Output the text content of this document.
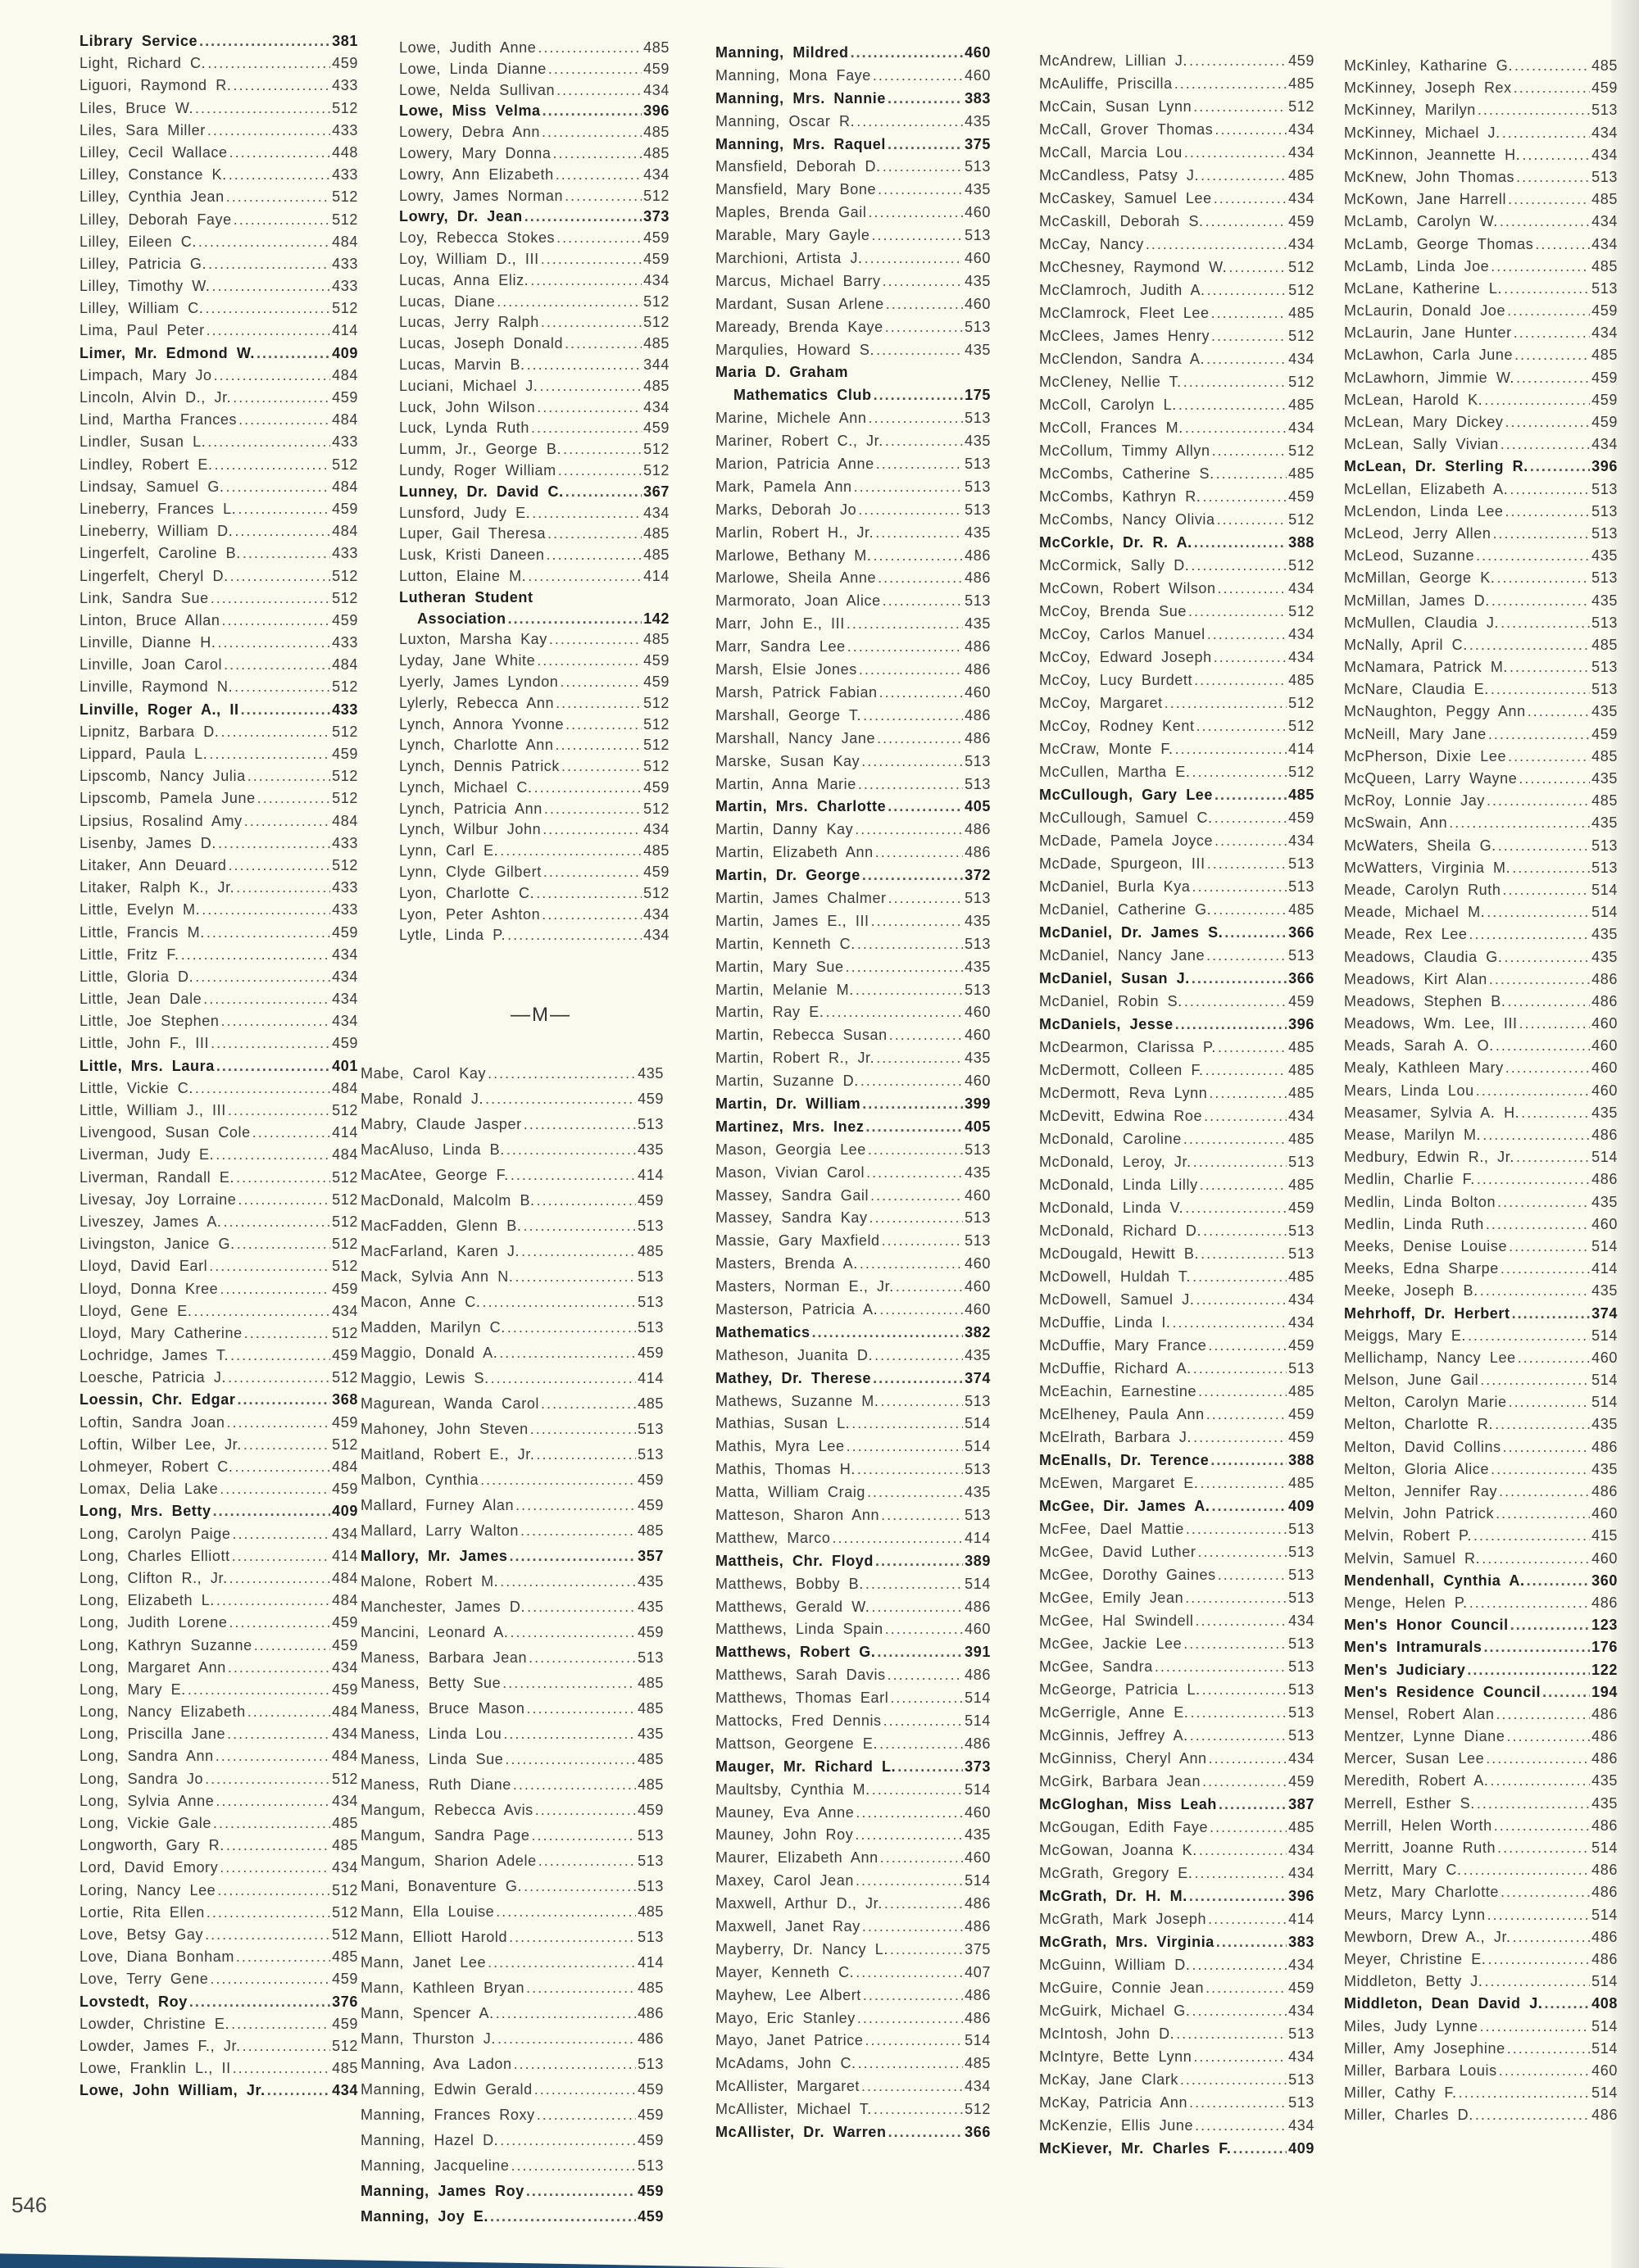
Library Service .....	381
Light, Richard C. .....	459
Liguori, Raymond R. .....	433
Liles, Bruce W. .....	512
Liles, Sara Miller .....	433
Lilley, Cecil Wallace .....	448
Lilley, Constance K. .....	433
Lilley, Cynthia Jean .....	512
Lilley, Deborah Faye .....	512
Lilley, Eileen C. .....	484
Lilley, Patricia G. .....	433
Lilley, Timothy W. .....	433
Lilley, William C. .....	512
Lima, Paul Peter .....	414
Limer, Mr. Edmond W. .....	409
Limpach, Mary Jo .....	484
Lincoln, Alvin D., Jr. .....	459
Lind, Martha Frances .....	484
Lindler, Susan L. .....	433
Lindley, Robert E. .....	512
Lindsay, Samuel G. .....	484
Lineberry, Frances L. .....	459
Lineberry, William D. .....	484
Lingerfelt, Caroline B. .....	433
Lingerfelt, Cheryl D. .....	512
Link, Sandra Sue .....	512
Linton, Bruce Allan .....	459
Linville, Dianne H. .....	433
Linville, Joan Carol .....	484
Linville, Raymond N. .....	512
Linville, Roger A., II .....	433
Lipnitz, Barbara D. .....	512
Lippard, Paula L. .....	459
Lipscomb, Nancy Julia .....	512
Lipscomb, Pamela June .....	512
Lipsius, Rosalind Amy .....	484
Lisenby, James D. .....	433
Litaker, Ann Deuard .....	512
Litaker, Ralph K., Jr. .....	433
Little, Evelyn M. .....	433
Little, Francis M. .....	459
Little, Fritz F. .....	434
Little, Gloria D. .....	434
Little, Jean Dale .....	434
Little, Joe Stephen .....	434
Little, John F., III .....	459
Little, Mrs. Laura .....	401
Little, Vickie C. .....	484
Little, William J., III .....	512
Livengood, Susan Cole .....	414
Liverman, Judy E. .....	484
Liverman, Randall E. .....	512
Livesay, Joy Lorraine .....	512
Liveszey, James A. .....	512
Livingston, Janice G. .....	512
Lloyd, David Earl .....	512
Lloyd, Donna Kree .....	459
Lloyd, Gene E. .....	434
Lloyd, Mary Catherine .....	512
Lochridge, James T. .....	459
Loesche, Patricia J. .....	512
Loessin, Chr. Edgar .....	368
Loftin, Sandra Joan .....	459
Loftin, Wilber Lee, Jr. .....	512
Lohmeyer, Robert C. .....	484
Lomax, Delia Lake .....	459
Long, Mrs. Betty .....	409
Long, Carolyn Paige .....	434
Long, Charles Elliott .....	414
Long, Clifton R., Jr. .....	484
Long, Elizabeth L. .....	484
Long, Judith Lorene .....	459
Long, Kathryn Suzanne .....	459
Long, Margaret Ann .....	434
Long, Mary E. .....	459
Long, Nancy Elizabeth .....	484
Long, Priscilla Jane .....	434
Long, Sandra Ann .....	484
Long, Sandra Jo .....	512
Long, Sylvia Anne .....	434
Long, Vickie Gale .....	485
Longworth, Gary R. .....	485
Lord, David Emory .....	434
Loring, Nancy Lee .....	512
Lortie, Rita Ellen .....	512
Love, Betsy Gay .....	512
Love, Diana Bonham .....	485
Love, Terry Gene .....	459
Lovstedt, Roy .....	376
Lowder, Christine E. .....	459
Lowder, James F., Jr. .....	512
Lowe, Franklin L., II .....	485
Lowe, John William, Jr. .....	434
Lowe, Judith Anne .....	485
Lowe, Linda Dianne .....	459
Lowe, Nelda Sullivan .....	434
Lowe, Miss Velma .....	396
Lowery, Debra Ann .....	485
Lowery, Mary Donna .....	485
Lowry, Ann Elizabeth .....	434
Lowry, James Norman .....	512
Lowry, Dr. Jean .....	373
Loy, Rebecca Stokes .....	459
Loy, William D., III .....	459
Lucas, Anna Eliz. .....	434
Lucas, Diane .....	512
Lucas, Jerry Ralph .....	512
Lucas, Joseph Donald .....	485
Lucas, Marvin B. .....	344
Luciani, Michael J. .....	485
Luck, John Wilson .....	434
Luck, Lynda Ruth .....	459
Lumm, Jr., George B. .....	512
Lundy, Roger William .....	512
Lunney, Dr. David C. .....	367
Lunsford, Judy E. .....	434
Luper, Gail Theresa .....	485
Lusk, Kristi Daneen .....	485
Lutton, Elaine M. .....	414
Lutheran Student
Association .....	142
Luxton, Marsha Kay .....	485
Lyday, Jane White .....	459
Lyerly, James Lyndon .....	459
Lylerly, Rebecca Ann .....	512
Lynch, Annora Yvonne .....	512
Lynch, Charlotte Ann .....	512
Lynch, Dennis Patrick .....	512
Lynch, Michael C. .....	459
Lynch, Patricia Ann .....	512
Lynch, Wilbur John .....	434
Lynn, Carl E. .....	485
Lynn, Clyde Gilbert .....	459
Lyon, Charlotte C. .....	512
Lyon, Peter Ashton .....	434
Lytle, Linda P. .....	434
—M—
Mabe, Carol Kay .....	435
Mabe, Ronald J. .....	459
Mabry, Claude Jasper .....	513
MacAluso, Linda B. .....	435
MacAtee, George F. .....	414
MacDonald, Malcolm B. .....	459
MacFadden, Glenn B. .....	513
MacFarland, Karen J. .....	485
Mack, Sylvia Ann N. .....	513
Macon, Anne C. .....	513
Madden, Marilyn C. .....	513
Maggio, Donald A. .....	459
Maggio, Lewis S. .....	414
Magurean, Wanda Carol .....	485
Mahoney, John Steven .....	513
Maitland, Robert E., Jr. .....	513
Malbon, Cynthia .....	459
Mallard, Furney Alan .....	459
Mallard, Larry Walton .....	485
Mallory, Mr. James .....	357
Malone, Robert M. .....	435
Manchester, James D. .....	435
Mancini, Leonard A. .....	459
Maness, Barbara Jean .....	513
Maness, Betty Sue .....	485
Maness, Bruce Mason .....	485
Maness, Linda Lou .....	435
Maness, Linda Sue .....	485
Maness, Ruth Diane .....	485
Mangum, Rebecca Avis .....	459
Mangum, Sandra Page .....	513
Mangum, Sharion Adele .....	513
Mani, Bonaventure G. .....	513
Mann, Ella Louise .....	485
Mann, Elliott Harold .....	513
Mann, Janet Lee .....	414
Mann, Kathleen Bryan .....	485
Mann, Spencer A. .....	486
Mann, Thurston J. .....	486
Manning, Ava Ladon .....	513
Manning, Edwin Gerald .....	459
Manning, Frances Roxy .....	459
Manning, Hazel D. .....	459
Manning, Jacqueline .....	513
Manning, James Roy .....	459
Manning, Joy E. .....	459
Manning, Mildred .....	460
Manning, Mona Faye .....	460
Manning, Mrs. Nannie .....	383
Manning, Oscar R. .....	435
Manning, Mrs. Raquel .....	375
Mansfield, Deborah D. .....	513
Mansfield, Mary Bone .....	435
Maples, Brenda Gail .....	460
Marable, Mary Gayle .....	513
Marchioni, Artista J. .....	460
Marcus, Michael Barry .....	435
Mardant, Susan Arlene .....	460
Maready, Brenda Kaye .....	513
Marqulies, Howard S. .....	435
Maria D. Graham
Mathematics Club .....	175
Marine, Michele Ann .....	513
Mariner, Robert C., Jr. .....	435
Marion, Patricia Anne .....	513
Mark, Pamela Ann .....	513
Marks, Deborah Jo .....	513
Marlin, Robert H., Jr. .....	435
Marlowe, Bethany M. .....	486
Marlowe, Sheila Anne .....	486
Marmorato, Joan Alice .....	513
Marr, John E., III .....	435
Marr, Sandra Lee .....	486
Marsh, Elsie Jones .....	486
Marsh, Patrick Fabian .....	460
Marshall, George T. .....	486
Marshall, Nancy Jane .....	486
Marske, Susan Kay .....	513
Martin, Anna Marie .....	513
Martin, Mrs. Charlotte .....	405
Martin, Danny Kay .....	486
Martin, Elizabeth Ann .....	486
Martin, Dr. George .....	372
Martin, James Chalmer .....	513
Martin, James E., III .....	435
Martin, Kenneth C. .....	513
Martin, Mary Sue .....	435
Martin, Melanie M. .....	513
Martin, Ray E. .....	460
Martin, Rebecca Susan .....	460
Martin, Robert R., Jr. .....	435
Martin, Suzanne D. .....	460
Martin, Dr. William .....	399
Martinez, Mrs. Inez .....	405
Mason, Georgia Lee .....	513
Mason, Vivian Carol .....	435
Massey, Sandra Gail .....	460
Massey, Sandra Kay .....	513
Massie, Gary Maxfield .....	513
Masters, Brenda A. .....	460
Masters, Norman E., Jr. .....	460
Masterson, Patricia A. .....	460
Mathematics .....	382
Matheson, Juanita D. .....	435
Mathey, Dr. Therese .....	374
Mathews, Suzanne M. .....	513
Mathias, Susan L. .....	514
Mathis, Myra Lee .....	514
Mathis, Thomas H. .....	513
Matta, William Craig .....	435
Matteson, Sharon Ann .....	513
Matthew, Marco .....	414
Mattheis, Chr. Floyd .....	389
Matthews, Bobby B. .....	514
Matthews, Gerald W. .....	486
Matthews, Linda Spain .....	460
Matthews, Robert G. .....	391
Matthews, Sarah Davis .....	486
Matthews, Thomas Earl .....	514
Mattocks, Fred Dennis .....	514
Mattson, Georgene E. .....	486
Mauger, Mr. Richard L. .....	373
Maultsby, Cynthia M. .....	514
Mauney, Eva Anne .....	460
Mauney, John Roy .....	435
Maurer, Elizabeth Ann .....	460
Maxey, Carol Jean .....	514
Maxwell, Arthur D., Jr. .....	486
Maxwell, Janet Ray .....	486
Mayberry, Dr. Nancy L. .....	375
Mayer, Kenneth C. .....	407
Mayhew, Lee Albert .....	486
Mayo, Eric Stanley .....	486
Mayo, Janet Patrice .....	514
McAdams, John C. .....	485
McAllister, Margaret .....	434
McAllister, Michael T. .....	512
McAllister, Dr. Warren .....	366
McAndrew, Lillian J. .....	459
McAuliffe, Priscilla .....	485
McCain, Susan Lynn .....	512
McCall, Grover Thomas .....	434
McCall, Marcia Lou .....	434
McCandless, Patsy J. .....	485
McCaskey, Samuel Lee .....	434
McCaskill, Deborah S. .....	459
McCay, Nancy .....	434
McChesney, Raymond W. .....	512
McClamroch, Judith A. .....	512
McClamrock, Fleet Lee .....	485
McClees, James Henry .....	512
McClendon, Sandra A. .....	434
McCleney, Nellie T. .....	512
McColl, Carolyn L. .....	485
McColl, Frances M. .....	434
McCollum, Timmy Allyn .....	512
McCombs, Catherine S. .....	485
McCombs, Kathryn R. .....	459
McCombs, Nancy Olivia .....	512
McCorkle, Dr. R. A. .....	388
McCormick, Sally D. .....	512
McCown, Robert Wilson .....	434
McCoy, Brenda Sue .....	512
McCoy, Carlos Manuel .....	434
McCoy, Edward Joseph .....	434
McCoy, Lucy Burdett .....	485
McCoy, Margaret .....	512
McCoy, Rodney Kent .....	512
McCraw, Monte F. .....	414
McCullen, Martha E. .....	512
McCullough, Gary Lee .....	485
McCullough, Samuel C. .....	459
McDade, Pamela Joyce .....	434
McDade, Spurgeon, III .....	513
McDaniel, Burla Kya .....	513
McDaniel, Catherine G. .....	485
McDaniel, Dr. James S. .....	366
McDaniel, Nancy Jane .....	513
McDaniel, Susan J. .....	366
McDaniel, Robin S. .....	459
McDaniels, Jesse .....	396
McDearmon, Clarissa P. .....	485
McDermott, Colleen F. .....	485
McDermott, Reva Lynn .....	485
McDevitt, Edwina Roe .....	434
McDonald, Caroline .....	485
McDonald, Leroy, Jr. .....	513
McDonald, Linda Lilly .....	485
McDonald, Linda V. .....	459
McDonald, Richard D. .....	513
McDougald, Hewitt B. .....	513
McDowell, Huldah T. .....	485
McDowell, Samuel J. .....	434
McDuffie, Linda I. .....	434
McDuffie, Mary France .....	459
McDuffie, Richard A. .....	513
McEachin, Earnestine .....	485
McElheney, Paula Ann .....	459
McElrath, Barbara J. .....	459
McEnalls, Dr. Terence .....	388
McEwen, Margaret E. .....	485
McGee, Dir. James A. .....	409
McFee, Dael Mattie .....	513
McGee, David Luther .....	513
McGee, Dorothy Gaines .....	513
McGee, Emily Jean .....	513
McGee, Hal Swindell .....	434
McGee, Jackie Lee .....	513
McGee, Sandra .....	513
McGeorge, Patricia L. .....	513
McGerrigle, Anne E. .....	513
McGinnis, Jeffrey A. .....	513
McGinniss, Cheryl Ann .....	434
McGirk, Barbara Jean .....	459
McGloghan, Miss Leah .....	387
McGougan, Edith Faye .....	485
McGowan, Joanna K. .....	434
McGrath, Gregory E. .....	434
McGrath, Dr. H. M. .....	396
McGrath, Mark Joseph .....	414
McGrath, Mrs. Virginia .....	383
McGuinn, William D. .....	434
McGuire, Connie Jean .....	459
McGuirk, Michael G. .....	434
McIntosh, John D. .....	513
McIntyre, Bette Lynn .....	434
McKay, Jane Clark .....	513
McKay, Patricia Ann .....	513
McKenzie, Ellis June .....	434
McKiever, Mr. Charles F. .....	409
McKinley, Katharine G. .....	485
McKinney, Joseph Rex .....	459
McKinney, Marilyn .....	513
McKinney, Michael J. .....	434
McKinnon, Jeannette H. .....	434
McKnew, John Thomas .....	513
McKown, Jane Harrell .....	485
McLamb, Carolyn W. .....	434
McLamb, George Thomas .....	434
McLamb, Linda Joe .....	485
McLane, Katherine L. .....	513
McLaurin, Donald Joe .....	459
McLaurin, Jane Hunter .....	434
McLawhon, Carla June .....	485
McLawhorn, Jimmie W. .....	459
McLean, Harold K. .....	459
McLean, Mary Dickey .....	459
McLean, Sally Vivian .....	434
McLean, Dr. Sterling R. .....	396
McLellan, Elizabeth A. .....	513
McLendon, Linda Lee .....	513
McLeod, Jerry Allen .....	513
McLeod, Suzanne .....	435
McMillan, George K. .....	513
McMillan, James D. .....	435
McMullen, Claudia J. .....	513
McNally, April C. .....	485
McNamara, Patrick M. .....	513
McNare, Claudia E. .....	513
McNaughton, Peggy Ann .....	435
McNeill, Mary Jane .....	459
McPherson, Dixie Lee .....	485
McQueen, Larry Wayne .....	435
McRoy, Lonnie Jay .....	485
McSwain, Ann .....	435
McWaters, Sheila G. .....	513
McWatters, Virginia M. .....	513
Meade, Carolyn Ruth .....	514
Meade, Michael M. .....	514
Meade, Rex Lee .....	435
Meadows, Claudia G. .....	435
Meadows, Kirt Alan .....	486
Meadows, Stephen B. .....	486
Meadows, Wm. Lee, III .....	460
Meads, Sarah A. O. .....	460
Mealy, Kathleen Mary .....	460
Mears, Linda Lou .....	460
Measamer, Sylvia A. H. .....	435
Mease, Marilyn M. .....	486
Medbury, Edwin R., Jr. .....	514
Medlin, Charlie F. .....	486
Medlin, Linda Bolton .....	435
Medlin, Linda Ruth .....	460
Meeks, Denise Louise .....	514
Meeks, Edna Sharpe .....	414
Meeke, Joseph B. .....	435
Mehrhoff, Dr. Herbert .....	374
Meiggs, Mary E. .....	514
Mellichamp, Nancy Lee .....	460
Melson, June Gail .....	514
Melton, Carolyn Marie .....	514
Melton, Charlotte R. .....	435
Melton, David Collins .....	486
Melton, Gloria Alice .....	435
Melton, Jennifer Ray .....	486
Melvin, John Patrick .....	460
Melvin, Robert P. .....	415
Melvin, Samuel R. .....	460
Mendenhall, Cynthia A. .....	360
Menge, Helen P. .....	486
Men's Honor Council .....	123
Men's Intramurals .....	176
Men's Judiciary .....	122
Men's Residence Council .....	194
Mensel, Robert Alan .....	486
Mentzer, Lynne Diane .....	486
Mercer, Susan Lee .....	486
Meredith, Robert A. .....	435
Merrell, Esther S. .....	435
Merrill, Helen Worth .....	486
Merritt, Joanne Ruth .....	514
Merritt, Mary C. .....	486
Metz, Mary Charlotte .....	486
Meurs, Marcy Lynn .....	514
Mewborn, Drew A., Jr. .....	486
Meyer, Christine E. .....	486
Middleton, Betty J. .....	514
Middleton, Dean David J. .....	408
Miles, Judy Lynne .....	514
Miller, Amy Josephine .....	514
Miller, Barbara Louis .....	460
Miller, Cathy F. .....	514
Miller, Charles D. .....	486
546
